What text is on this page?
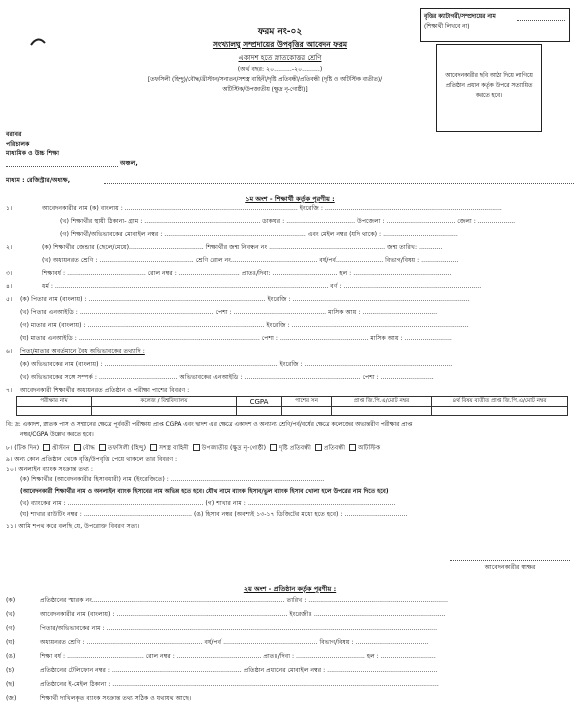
বৃত্তির ক্যাটাগরী/সম্প্রদায়ের নাম
(শিক্ষার্থী লিখবে না)
ফরম নং-০২
সংখ্যালঘু সম্প্রদায়ের উপবৃত্তির আবেদন ফরম
একাদশ হতে স্নাতকোত্তর শ্রেণি
(অর্থ বছর: ২০.........-২০.........)
[তফসিলী (হিন্দু)/বৌদ্ধ/খ্রীস্টান/সনাতন/সশস্ত্র বাহিনী/দৃষ্টি প্রতিবন্ধী/প্রতিবন্ধী (দৃষ্টি ও অটিস্টিক ব্যতীত)/
অটিস্টিক/উপজাতীয় (ক্ষুদ্র নৃ-গোষ্ঠী)]
আবেদনকারীর ছবি আঠা দিয়ে লাগিয়ে প্রতিষ্ঠান প্রধান কর্তৃক উপরে সত্যায়িত করতে হবে।
বরাবর
পরিচালক
মাধ্যমিক ও উচ্চ শিক্ষা
অঞ্চল,
মাধ্যম : রেজিস্ট্রার/অধ্যক্ষ,
১ম অংশ - শিক্ষার্থী কর্তৃক পূরণীয় :
১।	আবেদনকারীর নাম (ক) বাংলায় : ........................................................................................ ইংরেজি : ..........................................................................................
(খ) শিক্ষার্থীর স্থায়ী ঠিকানা- গ্রাম : ........................................................... ডাকঘর : ................................... উপজেলা : ................................... জেলা : ...................
(গ) শিক্ষার্থী/অভিভাবকের মোবাইল নম্বর : ........................................................................ এবং মেইল নম্বর (যদি থাকে) : ......................................
২।	(ক) শিক্ষার্থীর জেন্ডার (ছেলে/মেয়ে)...................................... শিক্ষার্থীর জন্ম নিবন্ধন নং ........................................................... জন্ম তারিখ: ............
(খ) অধ্যয়নরত শ্রেণি : ................................................ শ্রেণি রোল নং............................................ বর্ষ/পর্ব........................ বিভাগ/বিষয় : ...................
৩।	শিক্ষাবর্ষ : ........................................ রোল নম্বর : ............................... প্রাতঃ/দিবা: ................................. হল : ..................................................
৪।	ধর্ম : ........................................................................................................................................... বর্ণ : ......................................................................
৫। (ক) পিতার নাম (বাংলায়) : .......................................................................................... ইংরেজি : ..........................................................................................
(খ) পিতার এনআইডি : .................................................................... পেশা : ............................................... মাসিক আয় : ......................................
(গ) মাতার নাম (বাংলায়) : .......................................................................................... ইংরেজি : ..........................................................................................
(ঘ) মাতার এনআইডি : ............................................................................................ পেশা : ............................................. মাসিক আয় : ........................
৬। পিতা/মাতার অবর্তমানে বৈধ অভিভাবকের তথ্যাদি :
(ক) অভিভাবকের নাম (বাংলায়) : ........................................................................................ ইংরেজি : ...........................................................................
(খ) অভিভাবকের সঙ্গে সম্পর্ক : ........................................ অভিভাবকের এনআইডি : ........................................................... পেশা : ...........................
৭। আবেদনকারী শিক্ষার্থীর অধ্যয়নরত প্রতিষ্ঠান ও পরীক্ষা পাশের বিবরণ :
পরীক্ষার নাম	কলেজ / বিশ্ববিদ্যালয়	CGPA	পাশের সন	প্রাপ্ত জি.পি.এ/মোট নম্বর	৪র্থ বিষয় ব্যতীত প্রাপ্ত জি.পি.এ/মোট নম্বর

বি: দ্র: একাদশ, স্নাতক পাস ও সম্মানের ক্ষেত্রে পূর্ববর্তী পরীক্ষায় প্রাপ্ত CGPA এবং দ্বাদশ এর ক্ষেত্রে একাদশ ও অন্যান্য শ্রেণি/পর্ব/বর্ষের ক্ষেত্রে কলেজের অভ্যন্তরীণ পরীক্ষার প্রাপ্ত
নম্বর/CGPA উল্লেখ করতে হবে।
৮। (টিক দিন) খ্রীস্টান বৌদ্ধ তফসিলী (হিন্দু) সশস্ত্র বাহিনী উপজাতীয় (ক্ষুদ্র নৃ-গোষ্ঠী) দৃষ্টি প্রতিবন্ধী প্রতিবন্ধী অটিস্টিক
৯। অন্য কোন প্রতিষ্ঠান থেকে বৃত্তি/উপবৃত্তি পেয়ে থাকলে তার বিবরণ :
১০। অনলাইন ব্যাংক সংক্রান্ত তথ্য :
(ক) শিক্ষার্থীর (আবেদনকারীর হিসাবধারী) নাম (ইংরেজিতে) : ..............................................................................
(আবেদনকারী শিক্ষার্থীর নাম ও অনলাইন ব্যাংক হিসাবের নাম অভিন্ন হতে হবে। যৌথ নামে ব্যাংক হিসাব/ভুল ব্যাংক হিসাব খোলা হলে উপরের নাম দিতে হবে)
(খ) ব্যাংকের নাম : ..................................................................... (গ) শাখার নাম : ...........................................................................
(ঘ) শাখার রাউটিং নম্বর : ....................................................... (ঙ) হিসাব নম্বর (অবশ্যই ১৩-১৭ ডিজিটের মধ্যে হতে হবে) : ................................
১১। আমি শপথ করে বলছি যে, উপরোক্ত বিবরণ সত্য।
আবেদনকারীর স্বাক্ষর
২য় অংশ - প্রতিষ্ঠান কর্তৃক পূরণীয় :
(ক)	প্রতিষ্ঠানের স্মারক নং.................................................................................................. তারিখ : .......................................................................
(খ)	আবেদনকারীর নাম (বাংলায়) : ....................................................................................... ইংরেজীঃ ...................................................................
(গ)	পিতার/অভিভাবকের নাম : ........................................................................................................................................................................
(ঘ)	অধ্যয়নরত শ্রেণি : ........................................................... বর্ষ/পর্ব ................................................ বিভাগ/বিষয় : .....................................
(ঙ)	শিক্ষা বর্ষ : ....................................... রোল নম্বর : ........................................... প্রাতঃ/দিবা : ................................... হল : ............................
(চ)	প্রতিষ্ঠানের টেলিফোন নম্বর : .................................................................. প্রতিষ্ঠান প্রধানের মোবাইল নম্বর : ........................................................
(ছ)	প্রতিষ্ঠানের ই-মেইল ঠিকানা : ......................................................................................................................................................................
(জ)	শিক্ষার্থী দাখিলকৃত ব্যাংক সংক্রান্ত তথ্য সঠিক ও যথাযথ আছে।
